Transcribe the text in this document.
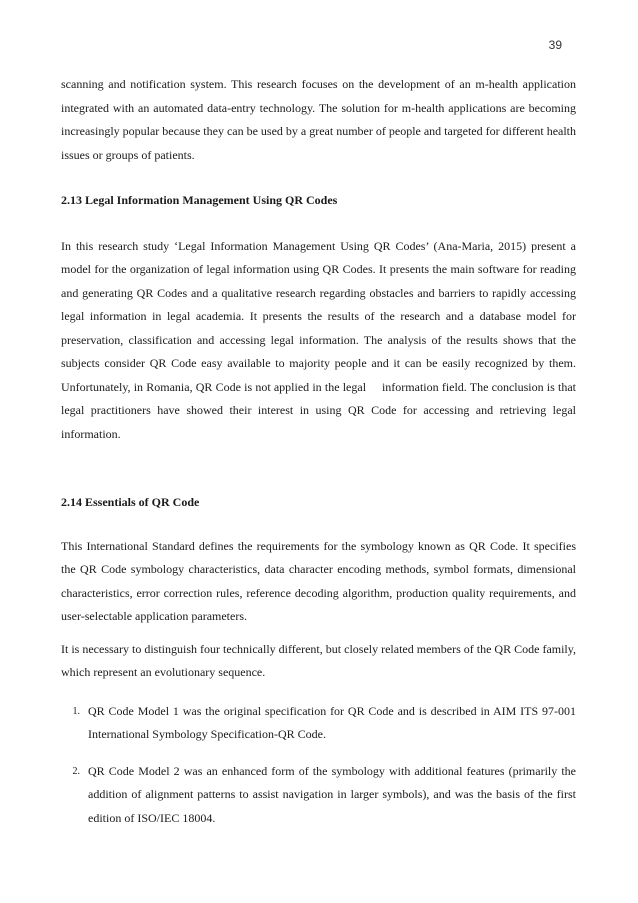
39

scanning and notification system. This research focuses on the development of an m-health application integrated with an automated data-entry technology. The solution for m-health applications are becoming increasingly popular because they can be used by a great number of people and targeted for different health issues or groups of patients.

2.13 Legal Information Management Using QR Codes

In this research study ‘Legal Information Management Using QR Codes’ (Ana-Maria, 2015) present a model for the organization of legal information using QR Codes. It presents the main software for reading and generating QR Codes and a qualitative research regarding obstacles and barriers to rapidly accessing legal information in legal academia. It presents the results of the research and a database model for preservation, classification and accessing legal information. The analysis of the results shows that the subjects consider QR Code easy available to majority people and it can be easily recognized by them. Unfortunately, in Romania, QR Code is not applied in the legal     information field. The conclusion is that legal practitioners have showed their interest in using QR Code for accessing and retrieving legal information.

2.14 Essentials of QR Code

This International Standard defines the requirements for the symbology known as QR Code. It specifies the QR Code symbology characteristics, data character encoding methods, symbol formats, dimensional characteristics, error correction rules, reference decoding algorithm, production quality requirements, and user-selectable application parameters.

It is necessary to distinguish four technically different, but closely related members of the QR Code family, which represent an evolutionary sequence.

1. QR Code Model 1 was the original specification for QR Code and is described in AIM ITS 97-001 International Symbology Specification-QR Code.
2. QR Code Model 2 was an enhanced form of the symbology with additional features (primarily the addition of alignment patterns to assist navigation in larger symbols), and was the basis of the first edition of ISO/IEC 18004.
